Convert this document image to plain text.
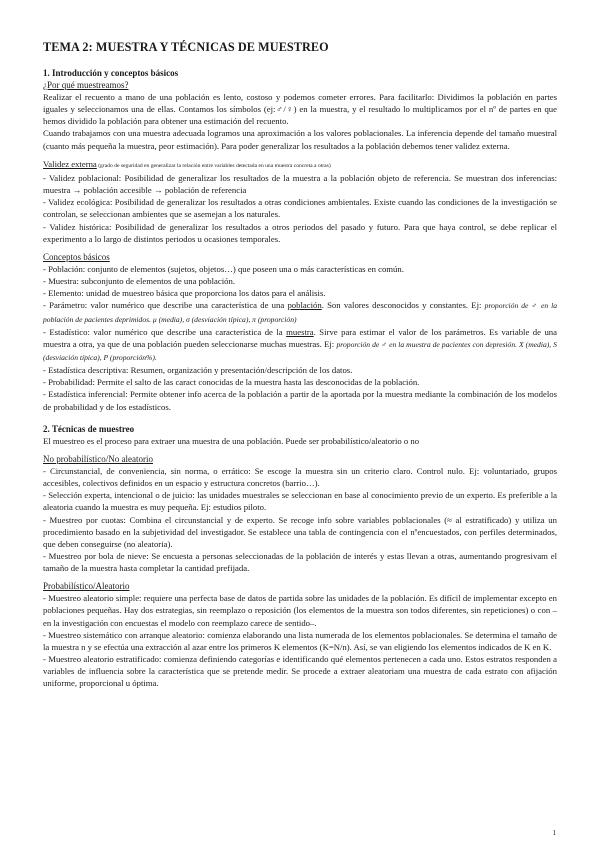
TEMA 2: MUESTRA Y TÉCNICAS DE MUESTREO
1. Introducción y conceptos básicos
¿Por qué muestreamos?

Realizar el recuento a mano de una población es lento, costoso y podemos cometer errores. Para facilitarlo: Dividimos la población en partes iguales y seleccionamos una de ellas. Contamos los símbolos (ej:♂/♀) en la muestra, y el resultado lo multiplicamos por el nº de partes en que hemos dividido la población para obtener una estimación del recuento.

Cuando trabajamos con una muestra adecuada logramos una aproximación a los valores poblacionales. La inferencia depende del tamaño muestral (cuanto más pequeña la muestra, peor estimación). Para poder generalizar los resultados a la población debemos tener validez externa.

Validez externa (grado de seguridad en generalizar la relación entre variables detectada en una muestra concreta a otras)

- Validez poblacional: Posibilidad de generalizar los resultados de la muestra a la población objeto de referencia. Se muestran dos inferencias: muestra → población accesible → población de referencia

- Validez ecológica: Posibilidad de generalizar los resultados a otras condiciones ambientales. Existe cuando las condiciones de la investigación se controlan, se seleccionan ambientes que se asemejan a los naturales.

- Validez histórica: Posibilidad de generalizar los resultados a otros periodos del pasado y futuro. Para que haya control, se debe replicar el experimento a lo largo de distintos periodos u ocasiones temporales.

Conceptos básicos

- Población: conjunto de elementos (sujetos, objetos…) que poseen una o más características en común.

- Muestra: subconjunto de elementos de una población.

- Elemento: unidad de muestreo básica que proporciona los datos para el análisis.

- Parámetro: valor numérico que describe una característica de una población. Son valores desconocidos y constantes. Ej: proporción de ♂ en la población de pacientes deprimidos. μ (media), σ (desviación típica), π (proporción)

- Estadístico: valor numérico que describe una característica de la muestra. Sirve para estimar el valor de los parámetros. Es variable de una muestra a otra, ya que de una población pueden seleccionarse muchas muestras. Ej: proporción de ♂ en la muestra de pacientes con depresión. X (media), S (desviación típica), P (proporción%).

- Estadística descriptiva: Resumen, organización y presentación/descripción de los datos.

- Probabilidad: Permite el salto de las caract conocidas de la muestra hasta las desconocidas de la población.

- Estadística inferencial: Permite obtener info acerca de la población a partir de la aportada por la muestra mediante la combinación de los modelos de probabilidad y de los estadísticos.

2. Técnicas de muestreo

El muestreo es el proceso para extraer una muestra de una población. Puede ser probabilístico/aleatorio o no

No probabilístico/No aleatorio

- Circunstancial, de conveniencia, sin norma, o errático: Se escoge la muestra sin un criterio claro. Control nulo. Ej: voluntariado, grupos accesibles, colectivos definidos en un espacio y estructura concretos (barrio…).

- Selección experta, intencional o de juicio: las unidades muestrales se seleccionan en base al conocimiento previo de un experto. Es preferible a la aleatoria cuando la muestra es muy pequeña. Ej: estudios piloto.

- Muestreo por cuotas: Combina el circunstancial y de experto. Se recoge info sobre variables poblacionales (≈ al estratificado) y utiliza un procedimiento basado en la subjetividad del investigador. Se establece una tabla de contingencia con el nºencuestados, con perfiles determinados, que deben conseguirse (no aleatoria).

- Muestreo por bola de nieve: Se encuesta a personas seleccionadas de la población de interés y estas llevan a otras, aumentando progresivam el tamaño de la muestra hasta completar la cantidad prefijada.

Probabilístico/Aleatorio

- Muestreo aleatorio simple: requiere una perfecta base de datos de partida sobre las unidades de la población. Es difícil de implementar excepto en poblaciones pequeñas. Hay dos estrategias, sin reemplazo o reposición (los elementos de la muestra son todos diferentes, sin repeticiones) o con –en la investigación con encuestas el modelo con reemplazo carece de sentido–.

- Muestreo sistemático con arranque aleatorio: comienza elaborando una lista numerada de los elementos poblacionales. Se determina el tamaño de la muestra n y se efectúa una extracción al azar entre los primeros K elementos (K=N/n). Así, se van eligiendo los elementos indicados de K en K.

- Muestreo aleatorio estratificado: comienza definiendo categorías e identificando qué elementos pertenecen a cada uno. Estos estratos responden a variables de influencia sobre la característica que se pretende medir. Se procede a extraer aleatoriam una muestra de cada estrato con afijación uniforme, proporcional u óptima.

1
